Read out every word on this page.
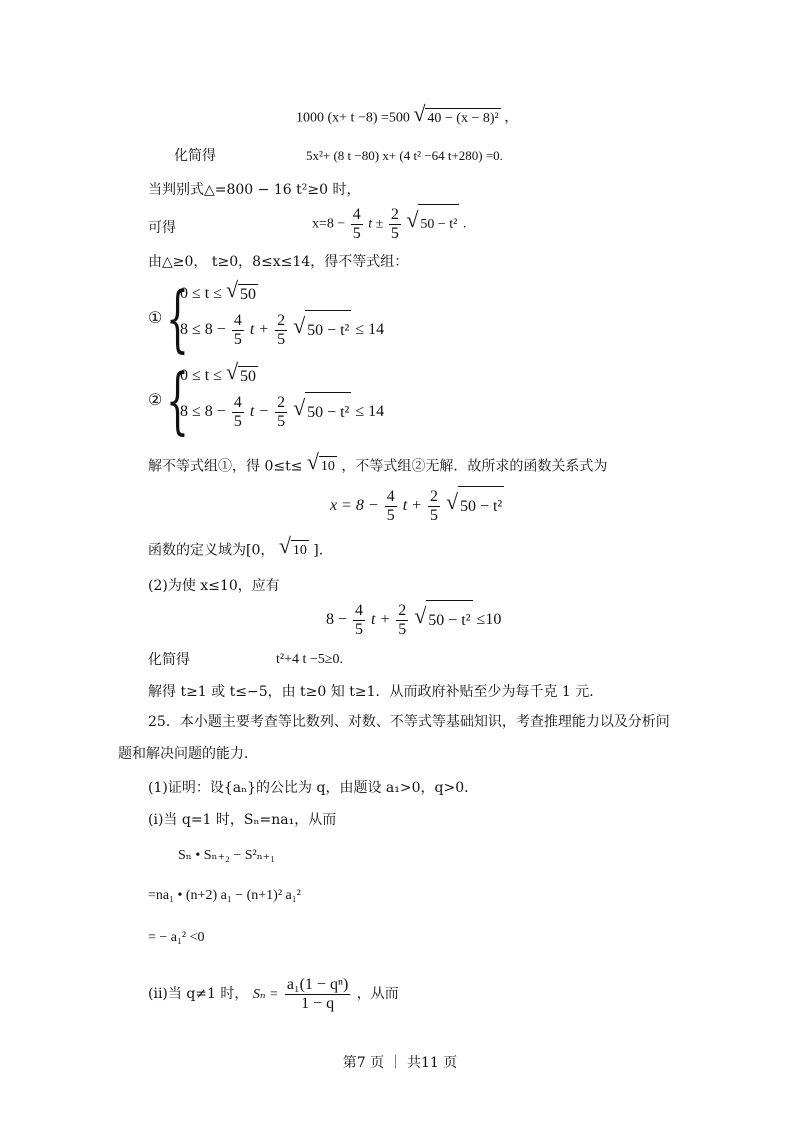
1000 (x+ t −8) =500 √ 40 − (x − 8)² ，
化简得	5x²+ (8 t −80) x+ (4 t² −64 t+280) =0.
当判别式△=800 − 16 t²≥0 时，
可得	$x=8 - \frac{4}{5}$ $t \pm \frac{2}{5}$ √ 50 − t² .
由△≥0， t≥0，8≤x≤14，得不等式组：
① {
0 ≤ t ≤ √ 50
$8 \le 8 - \frac{4}{5}$ $t + \frac{2}{5}$ √ 50 − t² ≤ 14
② {
0 ≤ t ≤ √ 50
$8 \le 8 - \frac{4}{5}$ $t - \frac{2}{5}$ √ 50 − t² ≤ 14
解不等式组①，得 0≤t≤ √ 10 ，不等式组②无解．故所求的函数关系式为
$x = 8 - \frac{4}{5}$ $t + \frac{2}{5}$ √ 50 − t²
函数的定义域为[0， √ 10 ].
(2)为使 x≤10，应有
$8 - \frac{4}{5}$ $t + \frac{2}{5}$ √ 50 − t² ≤10
化简得	t²+4 t −5≥0.
解得 t≥1 或 t≤−5，由 t≥0 知 t≥1．从而政府补贴至少为每千克 1 元．
25．本小题主要考查等比数列、对数、不等式等基础知识，考查推理能力以及分析问
题和解决问题的能力．
(1)证明：设{aₙ}的公比为 q，由题设 a₁>0，q>0．
(i)当 q=1 时，Sₙ=na₁，从而
Sₙ • Sₙ₊₂ − S²ₙ₊₁
=na₁ • (n+2) a₁ − (n+1)² a₁²
= − a₁² <0
(ii)当 q≠1 时， $S_n = \frac{\text{a₁(1 − qⁿ)}}{1 - q}$ ，从而
第7 页 ｜ 共11 页
